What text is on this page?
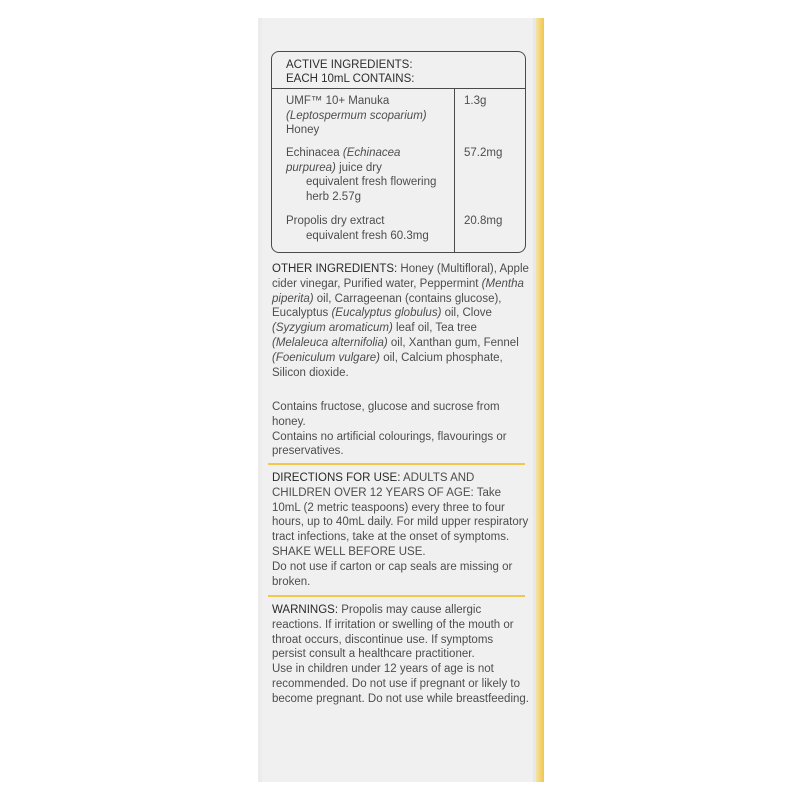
ACTIVE INGREDIENTS:
EACH 10mL CONTAINS:
UMF™ 10+ Manuka
(Leptospermum scoparium)
Honey
1.3g
Echinacea (Echinacea
purpurea) juice dry
equivalent fresh flowering
herb 2.57g
57.2mg
Propolis dry extract
equivalent fresh 60.3mg
20.8mg
OTHER INGREDIENTS: Honey (Multifloral), Apple cider vinegar, Purified water, Peppermint (Mentha piperita) oil, Carrageenan (contains glucose), Eucalyptus (Eucalyptus globulus) oil, Clove (Syzygium aromaticum) leaf oil, Tea tree (Melaleuca alternifolia) oil, Xanthan gum, Fennel (Foeniculum vulgare) oil, Calcium phosphate, Silicon dioxide.

Contains fructose, glucose and sucrose from honey.

Contains no artificial colourings, flavourings or preservatives.

DIRECTIONS FOR USE: ADULTS AND CHILDREN OVER 12 YEARS OF AGE: Take 10mL (2 metric teaspoons) every three to four hours, up to 40mL daily. For mild upper respiratory tract infections, take at the onset of symptoms. SHAKE WELL BEFORE USE.

Do not use if carton or cap seals are missing or broken.

WARNINGS: Propolis may cause allergic reactions. If irritation or swelling of the mouth or throat occurs, discontinue use. If symptoms persist consult a healthcare practitioner.

Use in children under 12 years of age is not recommended. Do not use if pregnant or likely to become pregnant. Do not use while breastfeeding.
